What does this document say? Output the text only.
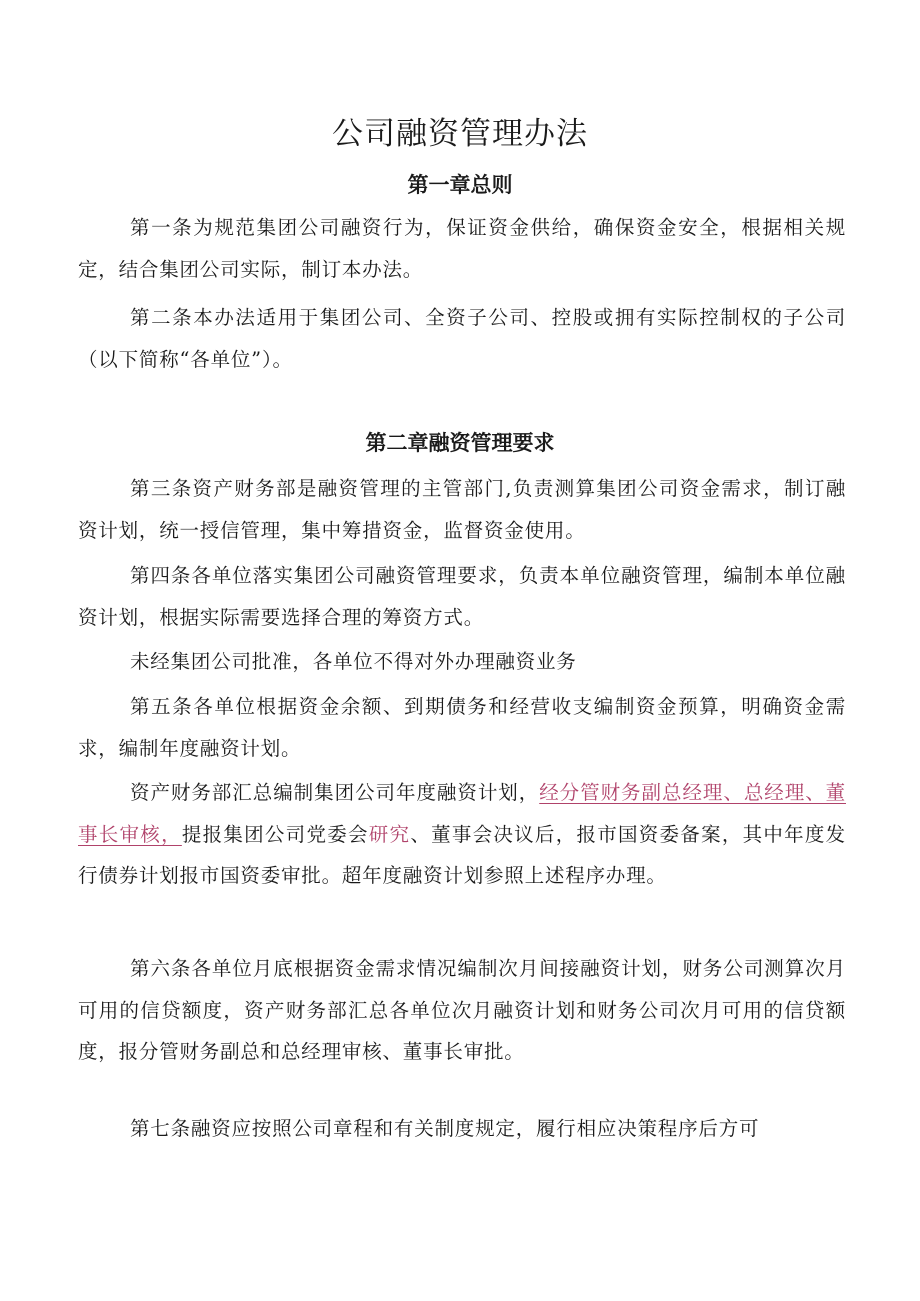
公司融资管理办法
第一章总则

第一条为规范集团公司融资行为，保证资金供给，确保资金安全，根据相关规定，结合集团公司实际，制订本办法。

第二条本办法适用于集团公司、全资子公司、控股或拥有实际控制权的子公司（以下简称“各单位”）。

第二章融资管理要求

第三条资产财务部是融资管理的主管部门,负责测算集团公司资金需求，制订融资计划，统一授信管理，集中筹措资金，监督资金使用。

第四条各单位落实集团公司融资管理要求，负责本单位融资管理，编制本单位融资计划，根据实际需要选择合理的筹资方式。

未经集团公司批准，各单位不得对外办理融资业务

第五条各单位根据资金余额、到期债务和经营收支编制资金预算，明确资金需求，编制年度融资计划。

资产财务部汇总编制集团公司年度融资计划，经分管财务副总经理、总经理、董事长审核，提报集团公司党委会研究、董事会决议后，报市国资委备案，其中年度发行债券计划报市国资委审批。超年度融资计划参照上述程序办理。

第六条各单位月底根据资金需求情况编制次月间接融资计划，财务公司测算次月可用的信贷额度，资产财务部汇总各单位次月融资计划和财务公司次月可用的信贷额度，报分管财务副总和总经理审核、董事长审批。

第七条融资应按照公司章程和有关制度规定，履行相应决策程序后方可
